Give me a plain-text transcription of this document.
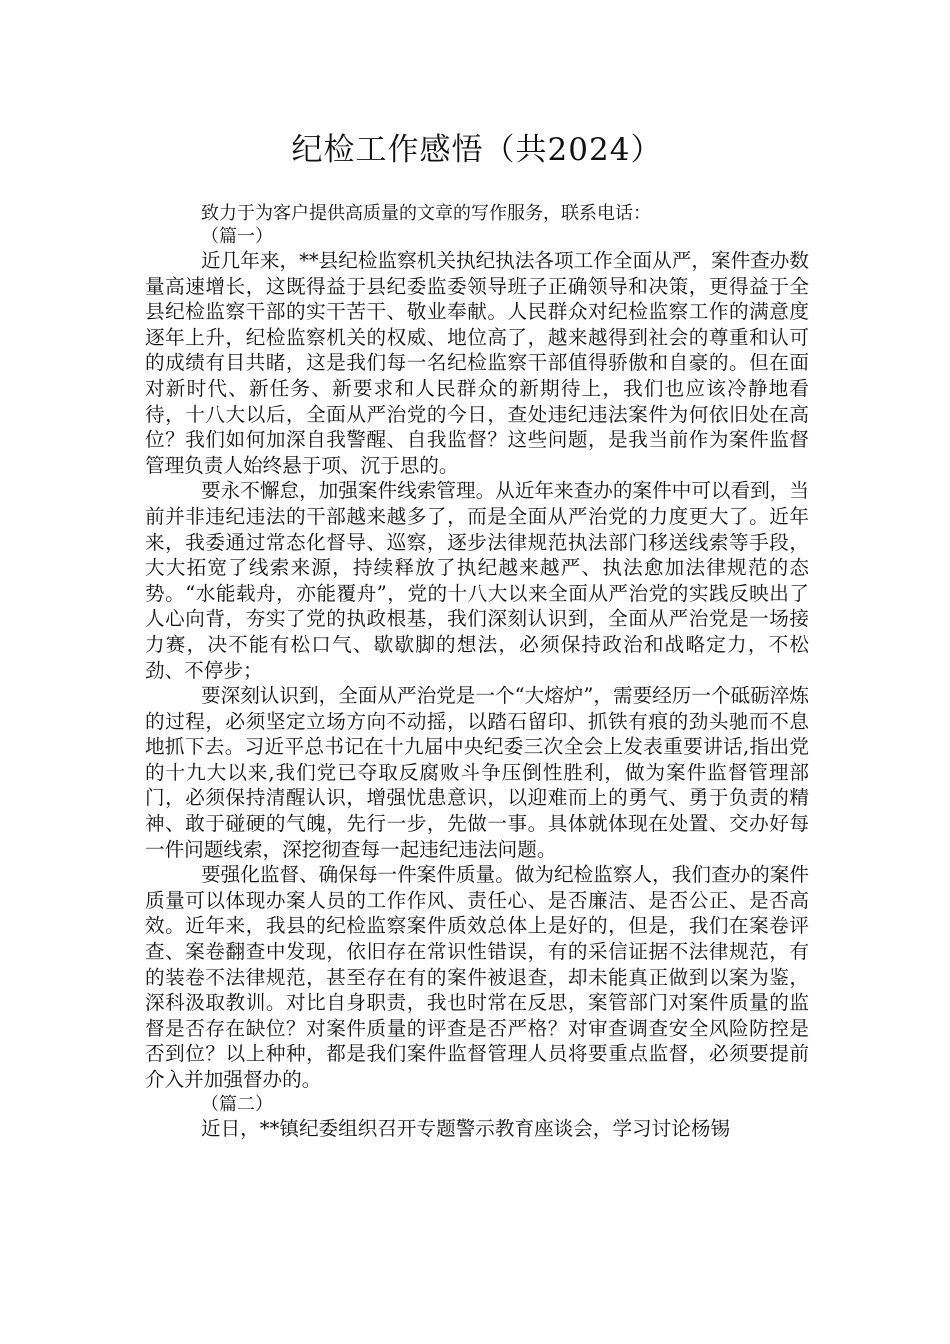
纪检工作感悟（共2024）

致力于为客户提供高质量的文章的写作服务，联系电话：

（篇一）

近几年来，**县纪检监察机关执纪执法各项工作全面从严，案件查办数量高速增长，这既得益于县纪委监委领导班子正确领导和决策，更得益于全县纪检监察干部的实干苦干、敬业奉献。人民群众对纪检监察工作的满意度逐年上升，纪检监察机关的权威、地位高了，越来越得到社会的尊重和认可的成绩有目共睹，这是我们每一名纪检监察干部值得骄傲和自豪的。但在面对新时代、新任务、新要求和人民群众的新期待上，我们也应该冷静地看待，十八大以后，全面从严治党的今日，查处违纪违法案件为何依旧处在高位？我们如何加深自我警醒、自我监督？这些问题，是我当前作为案件监督管理负责人始终悬于项、沉于思的。

要永不懈怠，加强案件线索管理。从近年来查办的案件中可以看到，当前并非违纪违法的干部越来越多了，而是全面从严治党的力度更大了。近年来，我委通过常态化督导、巡察，逐步法律规范执法部门移送线索等手段，大大拓宽了线索来源，持续释放了执纪越来越严、执法愈加法律规范的态势。“水能载舟，亦能覆舟”，党的十八大以来全面从严治党的实践反映出了人心向背，夯实了党的执政根基，我们深刻认识到，全面从严治党是一场接力赛，决不能有松口气、歇歇脚的想法，必须保持政治和战略定力，不松劲、不停步；

要深刻认识到，全面从严治党是一个“大熔炉”，需要经历一个砥砺淬炼的过程，必须坚定立场方向不动摇，以踏石留印、抓铁有痕的劲头驰而不息地抓下去。习近平总书记在十九届中央纪委三次全会上发表重要讲话,指出党的十九大以来,我们党已夺取反腐败斗争压倒性胜利，做为案件监督管理部门，必须保持清醒认识，增强忧患意识，以迎难而上的勇气、勇于负责的精神、敢于碰硬的气魄，先行一步，先做一事。具体就体现在处置、交办好每一件问题线索，深挖彻查每一起违纪违法问题。

要强化监督、确保每一件案件质量。做为纪检监察人，我们查办的案件质量可以体现办案人员的工作作风、责任心、是否廉洁、是否公正、是否高效。近年来，我县的纪检监察案件质效总体上是好的，但是，我们在案卷评查、案卷翻查中发现，依旧存在常识性错误，有的采信证据不法律规范，有的装卷不法律规范，甚至存在有的案件被退查，却未能真正做到以案为鉴，深科汲取教训。对比自身职责，我也时常在反思，案管部门对案件质量的监督是否存在缺位？对案件质量的评查是否严格？对审查调查安全风险防控是否到位？以上种种，都是我们案件监督管理人员将要重点监督，必须要提前介入并加强督办的。

（篇二）

近日，**镇纪委组织召开专题警示教育座谈会，学习讨论杨锡
